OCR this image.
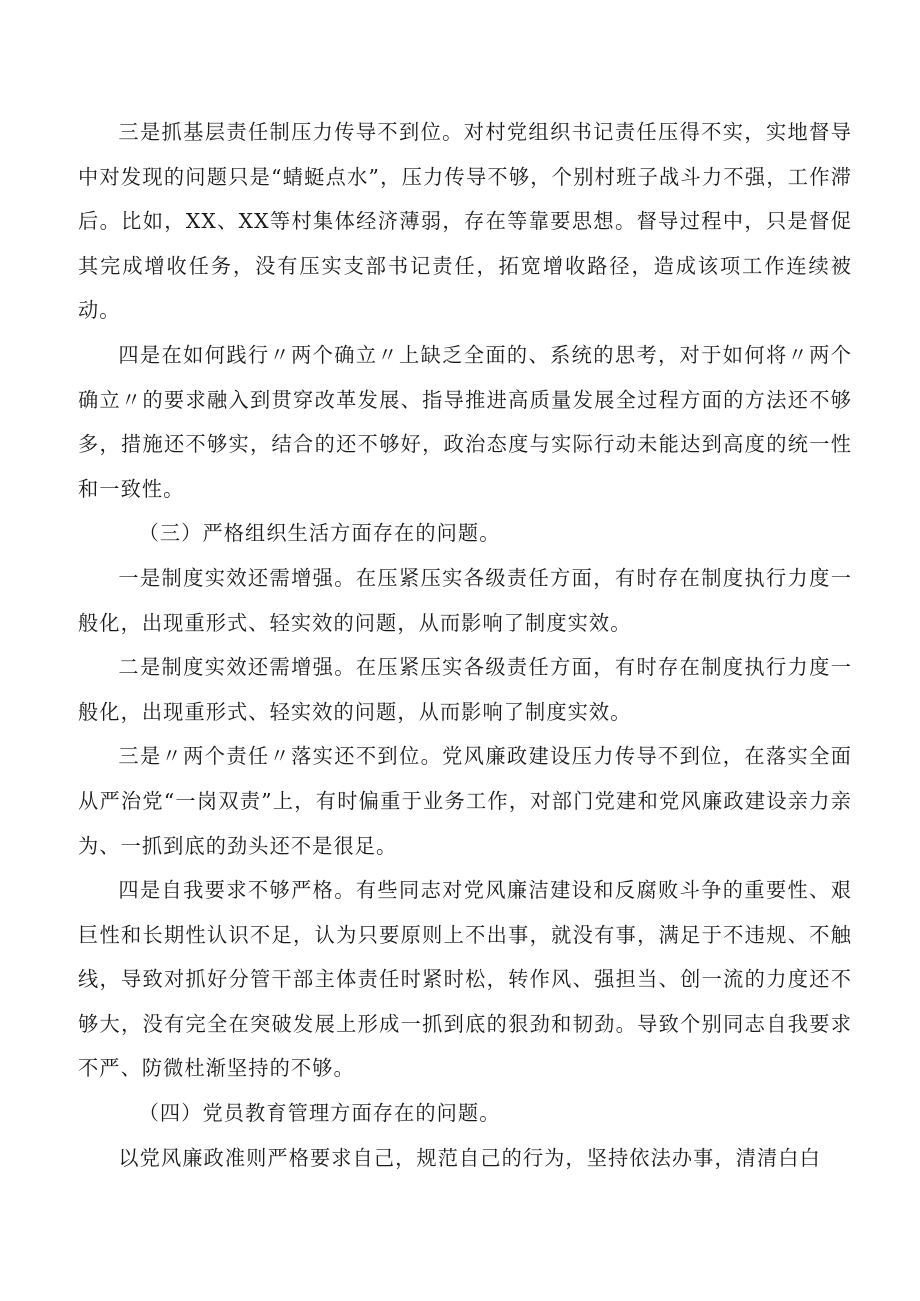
三是抓基层责任制压力传导不到位。对村党组织书记责任压得不实，实地督导中对发现的问题只是“蜻蜓点水”，压力传导不够，个别村班子战斗力不强，工作滞后。比如，XX、XX等村集体经济薄弱，存在等靠要思想。督导过程中，只是督促其完成增收任务，没有压实支部书记责任，拓宽增收路径，造成该项工作连续被动。

四是在如何践行〃两个确立〃上缺乏全面的、系统的思考，对于如何将〃两个确立〃的要求融入到贯穿改革发展、指导推进高质量发展全过程方面的方法还不够多，措施还不够实，结合的还不够好，政治态度与实际行动未能达到高度的统一性和一致性。

（三）严格组织生活方面存在的问题。

一是制度实效还需增强。在压紧压实各级责任方面，有时存在制度执行力度一般化，出现重形式、轻实效的问题，从而影响了制度实效。

二是制度实效还需增强。在压紧压实各级责任方面，有时存在制度执行力度一般化，出现重形式、轻实效的问题，从而影响了制度实效。

三是〃两个责任〃落实还不到位。党风廉政建设压力传导不到位，在落实全面从严治党“一岗双责”上，有时偏重于业务工作，对部门党建和党风廉政建设亲力亲为、一抓到底的劲头还不是很足。

四是自我要求不够严格。有些同志对党风廉洁建设和反腐败斗争的重要性、艰巨性和长期性认识不足，认为只要原则上不出事，就没有事，满足于不违规、不触线，导致对抓好分管干部主体责任时紧时松，转作风、强担当、创一流的力度还不够大，没有完全在突破发展上形成一抓到底的狠劲和韧劲。导致个别同志自我要求不严、防微杜渐坚持的不够。

（四）党员教育管理方面存在的问题。

以党风廉政准则严格要求自己，规范自己的行为，坚持依法办事，清清白白
